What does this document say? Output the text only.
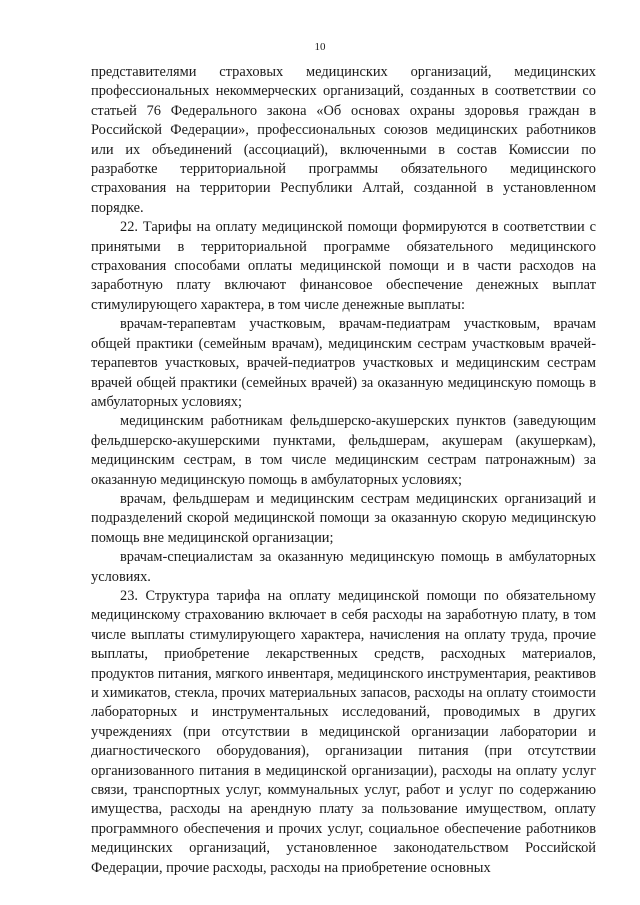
10

представителями страховых медицинских организаций, медицинских профессиональных некоммерческих организаций, созданных в соответствии со статьей 76 Федерального закона «Об основах охраны здоровья граждан в Российской Федерации», профессиональных союзов медицинских работников или их объединений (ассоциаций), включенными в состав Комиссии по разработке территориальной программы обязательного медицинского страхования на территории Республики Алтай, созданной в установленном порядке.

22. Тарифы на оплату медицинской помощи формируются в соответствии с принятыми в территориальной программе обязательного медицинского страхования способами оплаты медицинской помощи и в части расходов на заработную плату включают финансовое обеспечение денежных выплат стимулирующего характера, в том числе денежные выплаты:

врачам-терапевтам участковым, врачам-педиатрам участковым, врачам общей практики (семейным врачам), медицинским сестрам участковым врачей-терапевтов участковых, врачей-педиатров участковых и медицинским сестрам врачей общей практики (семейных врачей) за оказанную медицинскую помощь в амбулаторных условиях;

медицинским работникам фельдшерско-акушерских пунктов (заведующим фельдшерско-акушерскими пунктами, фельдшерам, акушерам (акушеркам), медицинским сестрам, в том числе медицинским сестрам патронажным) за оказанную медицинскую помощь в амбулаторных условиях;

врачам, фельдшерам и медицинским сестрам медицинских организаций и подразделений скорой медицинской помощи за оказанную скорую медицинскую помощь вне медицинской организации;

врачам-специалистам за оказанную медицинскую помощь в амбулаторных условиях.

23. Структура тарифа на оплату медицинской помощи по обязательному медицинскому страхованию включает в себя расходы на заработную плату, в том числе выплаты стимулирующего характера, начисления на оплату труда, прочие выплаты, приобретение лекарственных средств, расходных материалов, продуктов питания, мягкого инвентаря, медицинского инструментария, реактивов и химикатов, стекла, прочих материальных запасов, расходы на оплату стоимости лабораторных и инструментальных исследований, проводимых в других учреждениях (при отсутствии в медицинской организации лаборатории и диагностического оборудования), организации питания (при отсутствии организованного питания в медицинской организации), расходы на оплату услуг связи, транспортных услуг, коммунальных услуг, работ и услуг по содержанию имущества, расходы на арендную плату за пользование имуществом, оплату программного обеспечения и прочих услуг, социальное обеспечение работников медицинских организаций, установленное законодательством Российской Федерации, прочие расходы, расходы на приобретение основных
